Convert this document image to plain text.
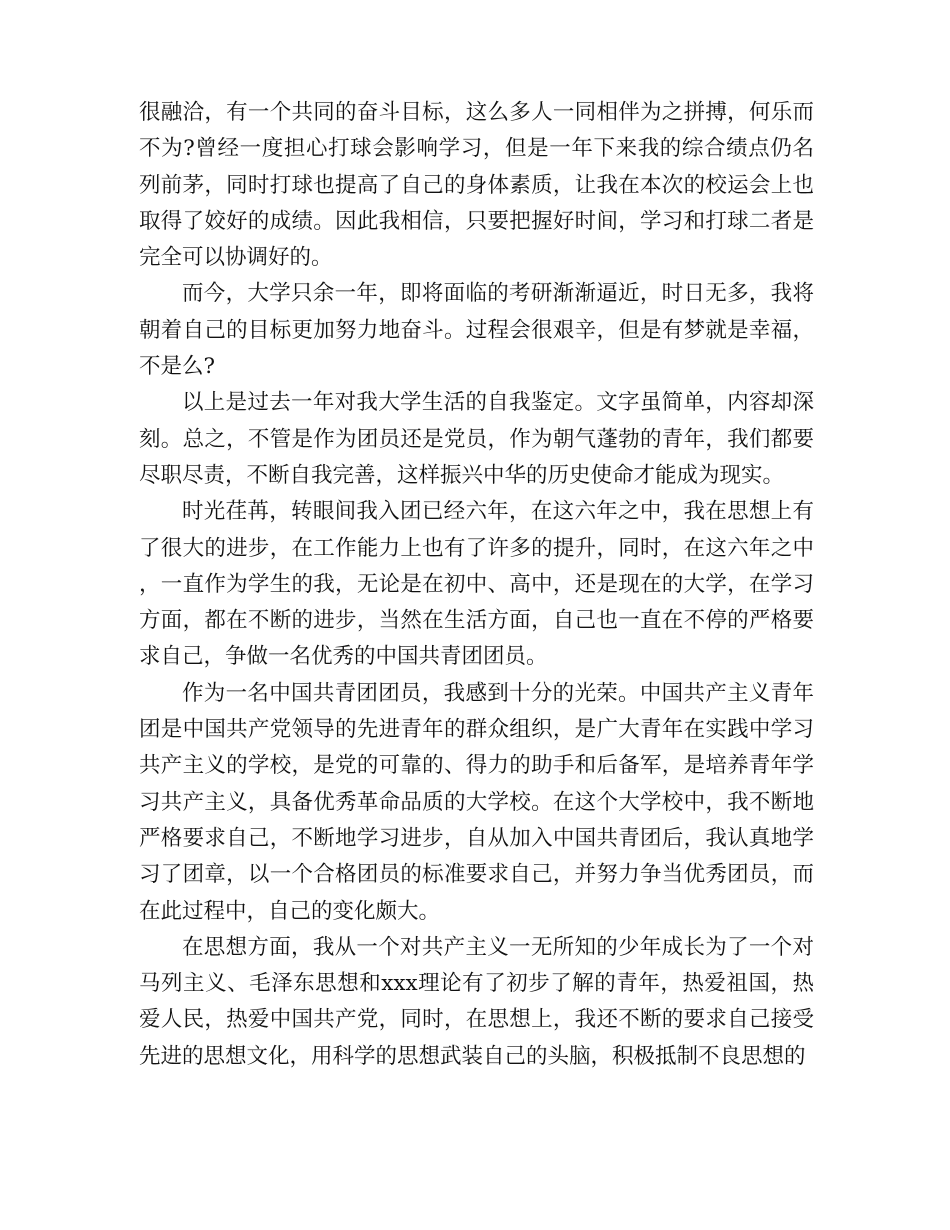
很融洽，有一个共同的奋斗目标，这么多人一同相伴为之拼搏，何乐而不为?曾经一度担心打球会影响学习，但是一年下来我的综合绩点仍名列前茅，同时打球也提高了自己的身体素质，让我在本次的校运会上也取得了姣好的成绩。因此我相信，只要把握好时间，学习和打球二者是完全可以协调好的。

而今，大学只余一年，即将面临的考研渐渐逼近，时日无多，我将朝着自己的目标更加努力地奋斗。过程会很艰辛，但是有梦就是幸福，不是么?

以上是过去一年对我大学生活的自我鉴定。文字虽简单，内容却深刻。总之，不管是作为团员还是党员，作为朝气蓬勃的青年，我们都要尽职尽责，不断自我完善，这样振兴中华的历史使命才能成为现实。

时光荏苒，转眼间我入团已经六年，在这六年之中，我在思想上有了很大的进步，在工作能力上也有了许多的提升，同时，在这六年之中，一直作为学生的我，无论是在初中、高中，还是现在的大学，在学习方面，都在不断的进步，当然在生活方面，自己也一直在不停的严格要求自己，争做一名优秀的中国共青团团员。

作为一名中国共青团团员，我感到十分的光荣。中国共产主义青年团是中国共产党领导的先进青年的群众组织，是广大青年在实践中学习共产主义的学校，是党的可靠的、得力的助手和后备军，是培养青年学习共产主义，具备优秀革命品质的大学校。在这个大学校中，我不断地严格要求自己，不断地学习进步，自从加入中国共青团后，我认真地学习了团章，以一个合格团员的标准要求自己，并努力争当优秀团员，而在此过程中，自己的变化颇大。

在思想方面，我从一个对共产主义一无所知的少年成长为了一个对马列主义、毛泽东思想和xxx理论有了初步了解的青年，热爱祖国，热爱人民，热爱中国共产党，同时，在思想上，我还不断的要求自己接受先进的思想文化，用科学的思想武装自己的头脑，积极抵制不良思想的
